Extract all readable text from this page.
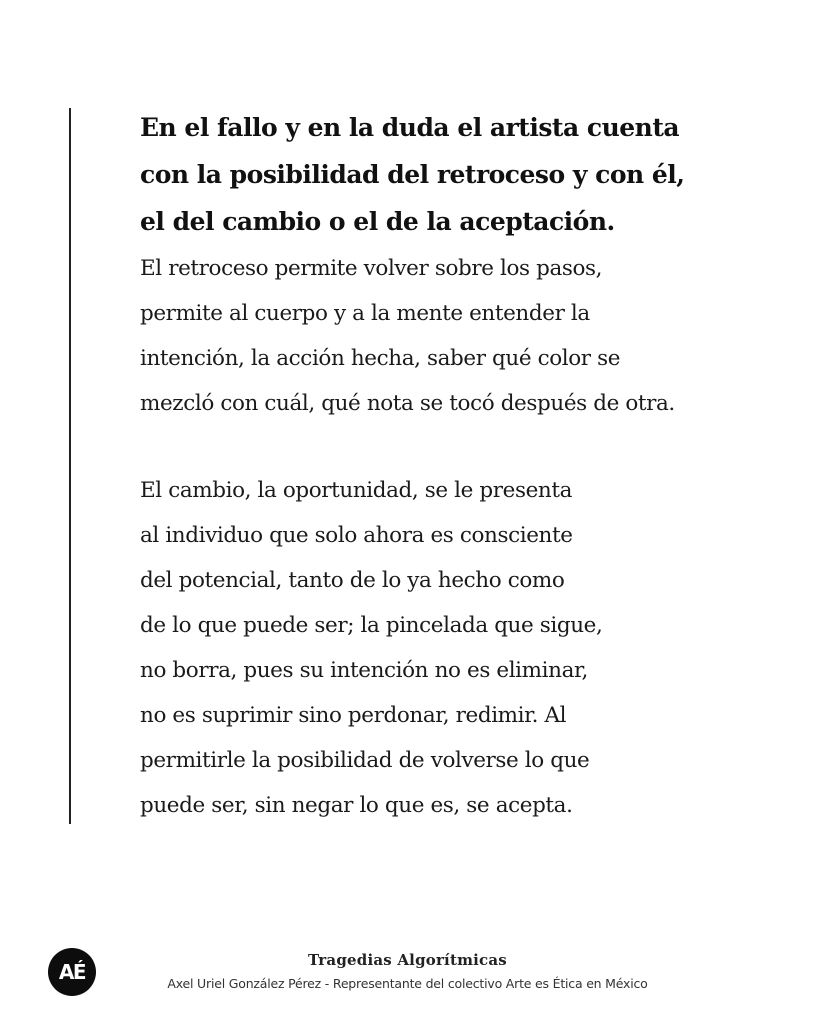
En el fallo y en la duda el artista cuenta
con la posibilidad del retroceso y con él,
el del cambio o el de la aceptación.

El retroceso permite volver sobre los pasos,
permite al cuerpo y a la mente entender la
intención, la acción hecha, saber qué color se
mezcló con cuál, qué nota se tocó después de otra.

El cambio, la oportunidad, se le presenta
al individuo que solo ahora es consciente
del potencial, tanto de lo ya hecho como
de lo que puede ser; la pincelada que sigue,
no borra, pues su intención no es eliminar,
no es suprimir sino perdonar, redimir. Al
permitirle la posibilidad de volverse lo que
puede ser, sin negar lo que es, se acepta.

AÉ	Tragedias Algorítmicas
Axel Uriel González Pérez - Representante del colectivo Arte es Ética en México
